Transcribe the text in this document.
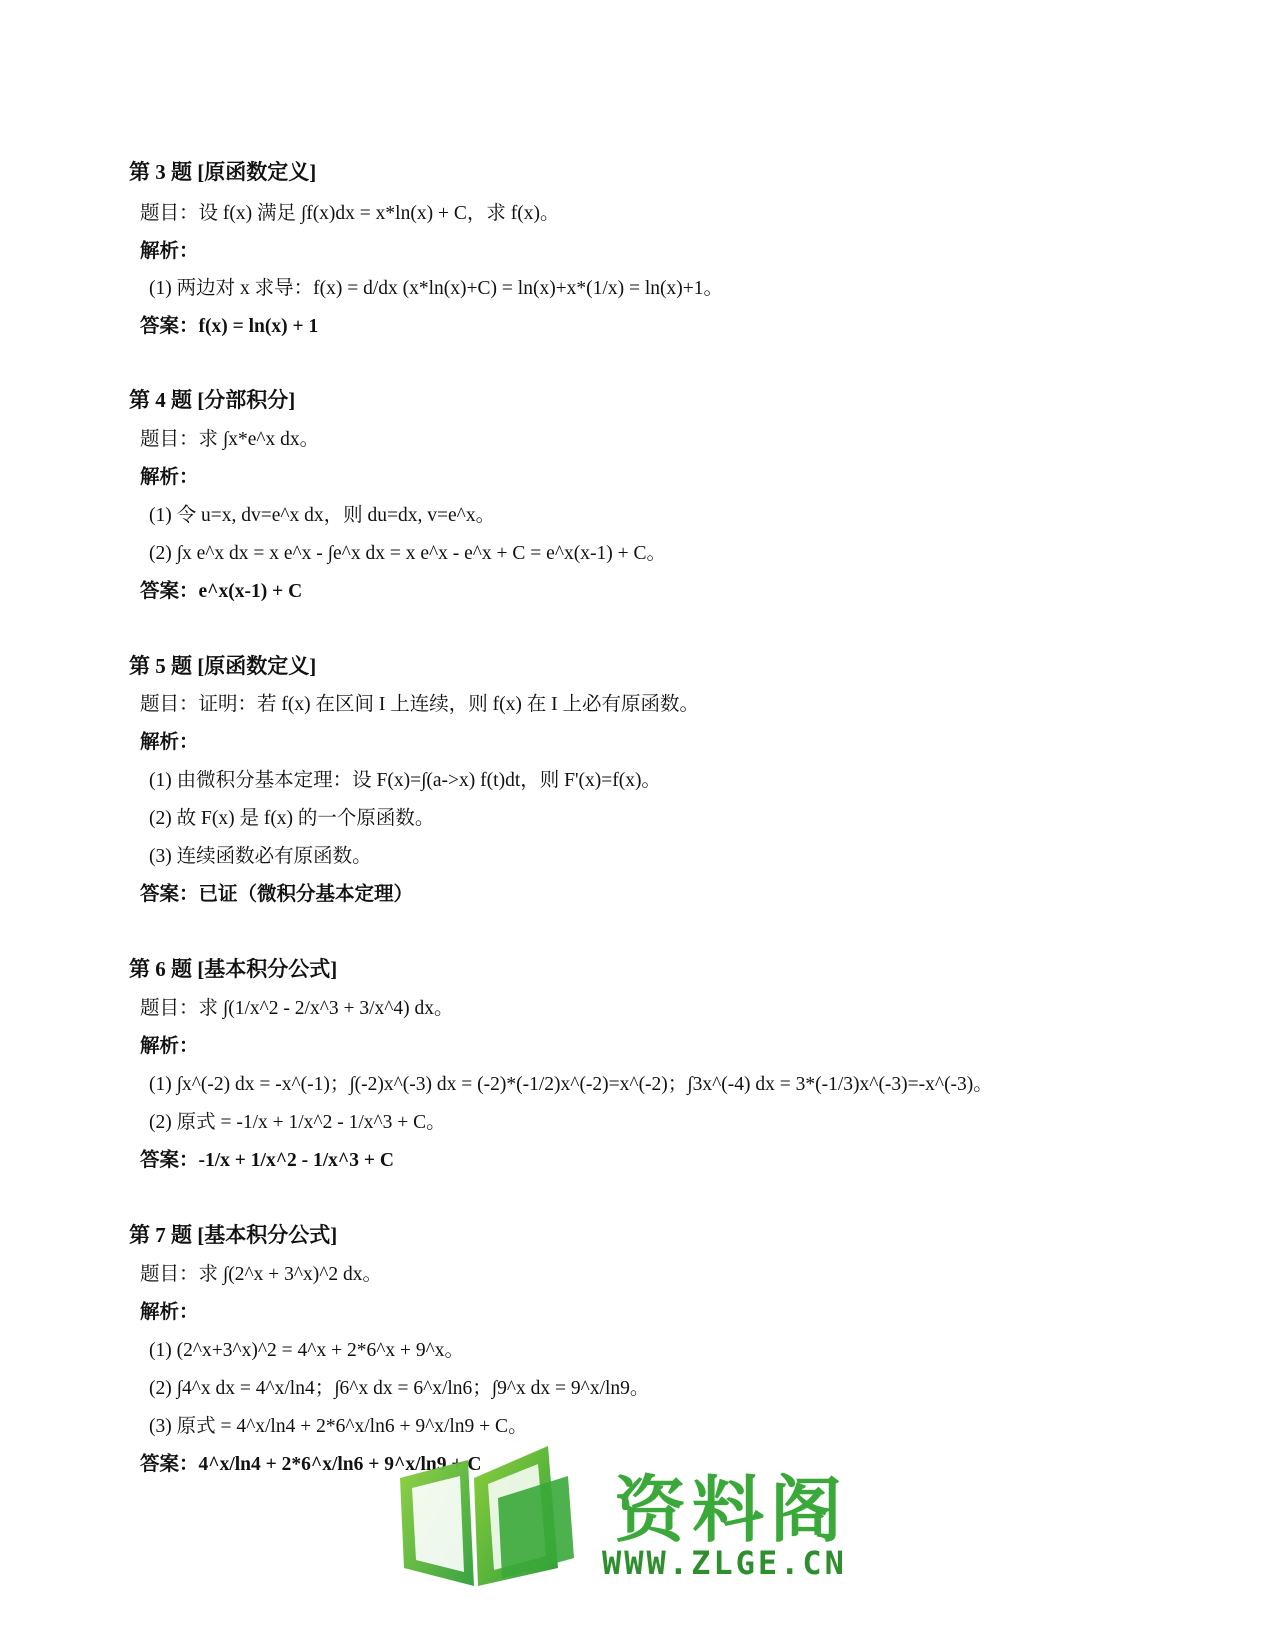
第 3 题 [原函数定义]
题目：设 f(x) 满足 ∫f(x)dx = x*ln(x) + C，求 f(x)。
解析：
(1) 两边对 x 求导：f(x) = d/dx (x*ln(x)+C) = ln(x)+x*(1/x) = ln(x)+1。
答案：f(x) = ln(x) + 1
第 4 题 [分部积分]
题目：求 ∫x*e^x dx。
解析：
(1) 令 u=x, dv=e^x dx，则 du=dx, v=e^x。
(2) ∫x e^x dx = x e^x - ∫e^x dx = x e^x - e^x + C = e^x(x-1) + C。
答案：e^x(x-1) + C
第 5 题 [原函数定义]
题目：证明：若 f(x) 在区间 I 上连续，则 f(x) 在 I 上必有原函数。
解析：
(1) 由微积分基本定理：设 F(x)=∫(a->x) f(t)dt，则 F'(x)=f(x)。
(2) 故 F(x) 是 f(x) 的一个原函数。
(3) 连续函数必有原函数。
答案：已证（微积分基本定理）
第 6 题 [基本积分公式]
题目：求 ∫(1/x^2 - 2/x^3 + 3/x^4) dx。
解析：
(1) ∫x^(-2) dx = -x^(-1)；∫(-2)x^(-3) dx = (-2)*(-1/2)x^(-2)=x^(-2)；∫3x^(-4) dx = 3*(-1/3)x^(-3)=-x^(-3)。
(2) 原式 = -1/x + 1/x^2 - 1/x^3 + C。
答案：-1/x + 1/x^2 - 1/x^3 + C
第 7 题 [基本积分公式]
题目：求 ∫(2^x + 3^x)^2 dx。
解析：
(1) (2^x+3^x)^2 = 4^x + 2*6^x + 9^x。
(2) ∫4^x dx = 4^x/ln4；∫6^x dx = 6^x/ln6；∫9^x dx = 9^x/ln9。
(3) 原式 = 4^x/ln4 + 2*6^x/ln6 + 9^x/ln9 + C。
答案：4^x/ln4 + 2*6^x/ln6 + 9^x/ln9 + C
资料阁
WWW.ZLGE.CN
